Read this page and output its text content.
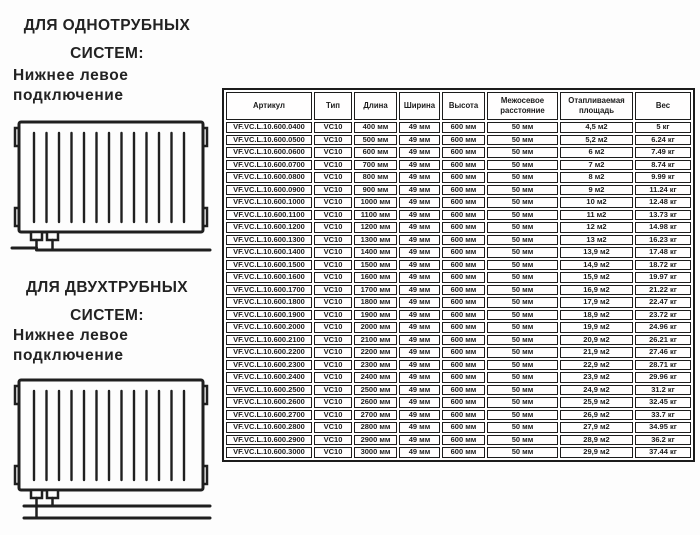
ДЛЯ ОДНОТРУБНЫХ СИСТЕМ:
Нижнее левое подключение
ДЛЯ ДВУХТРУБНЫХ СИСТЕМ:
Нижнее левое подключение
Артикул	Тип	Длина	Ширина	Высота	Межосевое расстояние	Отапливаемая площадь	Вес
VF.VC.L.10.600.0400	VC10	400 мм	49 мм	600 мм	50 мм	4,5 м2	5 кг
VF.VC.L.10.600.0500	VC10	500 мм	49 мм	600 мм	50 мм	5,2 м2	6.24 кг
VF.VC.L.10.600.0600	VC10	600 мм	49 мм	600 мм	50 мм	6 м2	7.49 кг
VF.VC.L.10.600.0700	VC10	700 мм	49 мм	600 мм	50 мм	7 м2	8.74 кг
VF.VC.L.10.600.0800	VC10	800 мм	49 мм	600 мм	50 мм	8 м2	9.99 кг
VF.VC.L.10.600.0900	VC10	900 мм	49 мм	600 мм	50 мм	9 м2	11.24 кг
VF.VC.L.10.600.1000	VC10	1000 мм	49 мм	600 мм	50 мм	10 м2	12.48 кг
VF.VC.L.10.600.1100	VC10	1100 мм	49 мм	600 мм	50 мм	11 м2	13.73 кг
VF.VC.L.10.600.1200	VC10	1200 мм	49 мм	600 мм	50 мм	12 м2	14.98 кг
VF.VC.L.10.600.1300	VC10	1300 мм	49 мм	600 мм	50 мм	13 м2	16.23 кг
VF.VC.L.10.600.1400	VC10	1400 мм	49 мм	600 мм	50 мм	13,9 м2	17.48 кг
VF.VC.L.10.600.1500	VC10	1500 мм	49 мм	600 мм	50 мм	14,9 м2	18.72 кг
VF.VC.L.10.600.1600	VC10	1600 мм	49 мм	600 мм	50 мм	15,9 м2	19.97 кг
VF.VC.L.10.600.1700	VC10	1700 мм	49 мм	600 мм	50 мм	16,9 м2	21.22 кг
VF.VC.L.10.600.1800	VC10	1800 мм	49 мм	600 мм	50 мм	17,9 м2	22.47 кг
VF.VC.L.10.600.1900	VC10	1900 мм	49 мм	600 мм	50 мм	18,9 м2	23.72 кг
VF.VC.L.10.600.2000	VC10	2000 мм	49 мм	600 мм	50 мм	19,9 м2	24.96 кг
VF.VC.L.10.600.2100	VC10	2100 мм	49 мм	600 мм	50 мм	20,9 м2	26.21 кг
VF.VC.L.10.600.2200	VC10	2200 мм	49 мм	600 мм	50 мм	21,9 м2	27.46 кг
VF.VC.L.10.600.2300	VC10	2300 мм	49 мм	600 мм	50 мм	22,9 м2	28.71 кг
VF.VC.L.10.600.2400	VC10	2400 мм	49 мм	600 мм	50 мм	23,9 м2	29.96 кг
VF.VC.L.10.600.2500	VC10	2500 мм	49 мм	600 мм	50 мм	24,9 м2	31.2 кг
VF.VC.L.10.600.2600	VC10	2600 мм	49 мм	600 мм	50 мм	25,9 м2	32.45 кг
VF.VC.L.10.600.2700	VC10	2700 мм	49 мм	600 мм	50 мм	26,9 м2	33.7 кг
VF.VC.L.10.600.2800	VC10	2800 мм	49 мм	600 мм	50 мм	27,9 м2	34.95 кг
VF.VC.L.10.600.2900	VC10	2900 мм	49 мм	600 мм	50 мм	28,9 м2	36.2 кг
VF.VC.L.10.600.3000	VC10	3000 мм	49 мм	600 мм	50 мм	29,9 м2	37.44 кг
